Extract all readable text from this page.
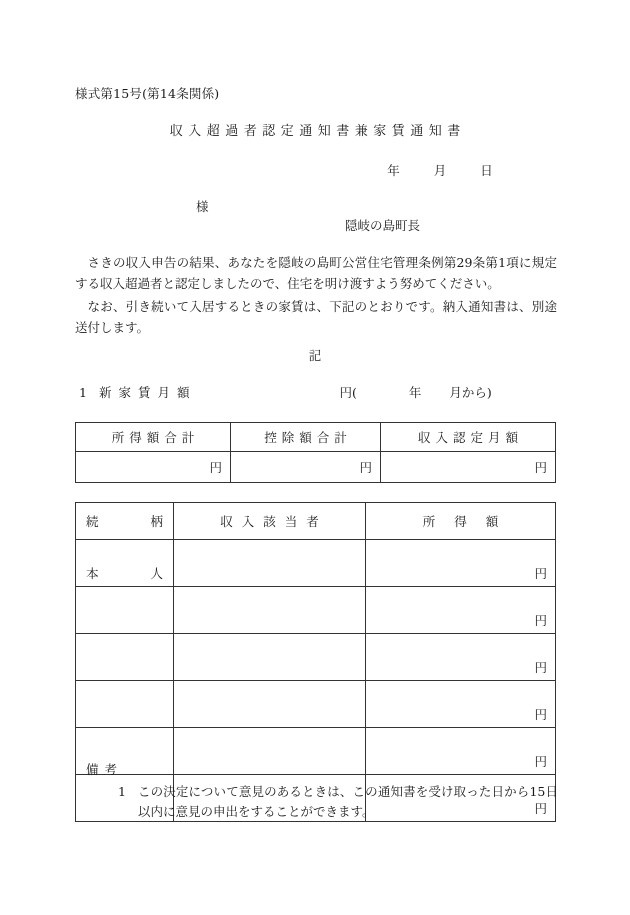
様式第15号(第14条関係)
収入超過者認定通知書兼家賃通知書
年	月	日
様
隠岐の島町長

さきの収入申告の結果、あなたを隠岐の島町公営住宅管理条例第29条第1項に規定する収入超過者と認定しましたので、住宅を明け渡すよう努めてください。

なお、引き続いて入居するときの家賃は、下記のとおりです。納入通知書は、別途送付します。

記
1 新家賃月額	円(	年 月から)
所得額合計	控除額合計	収入認定月額
円	円	円
続柄	収入該当者	所得額

本人		円

		円

		円

		円

		円

		円
備考
1 この決定について意見のあるときは、この通知書を受け取った日から15日以内に意見の申出をすることができます。
